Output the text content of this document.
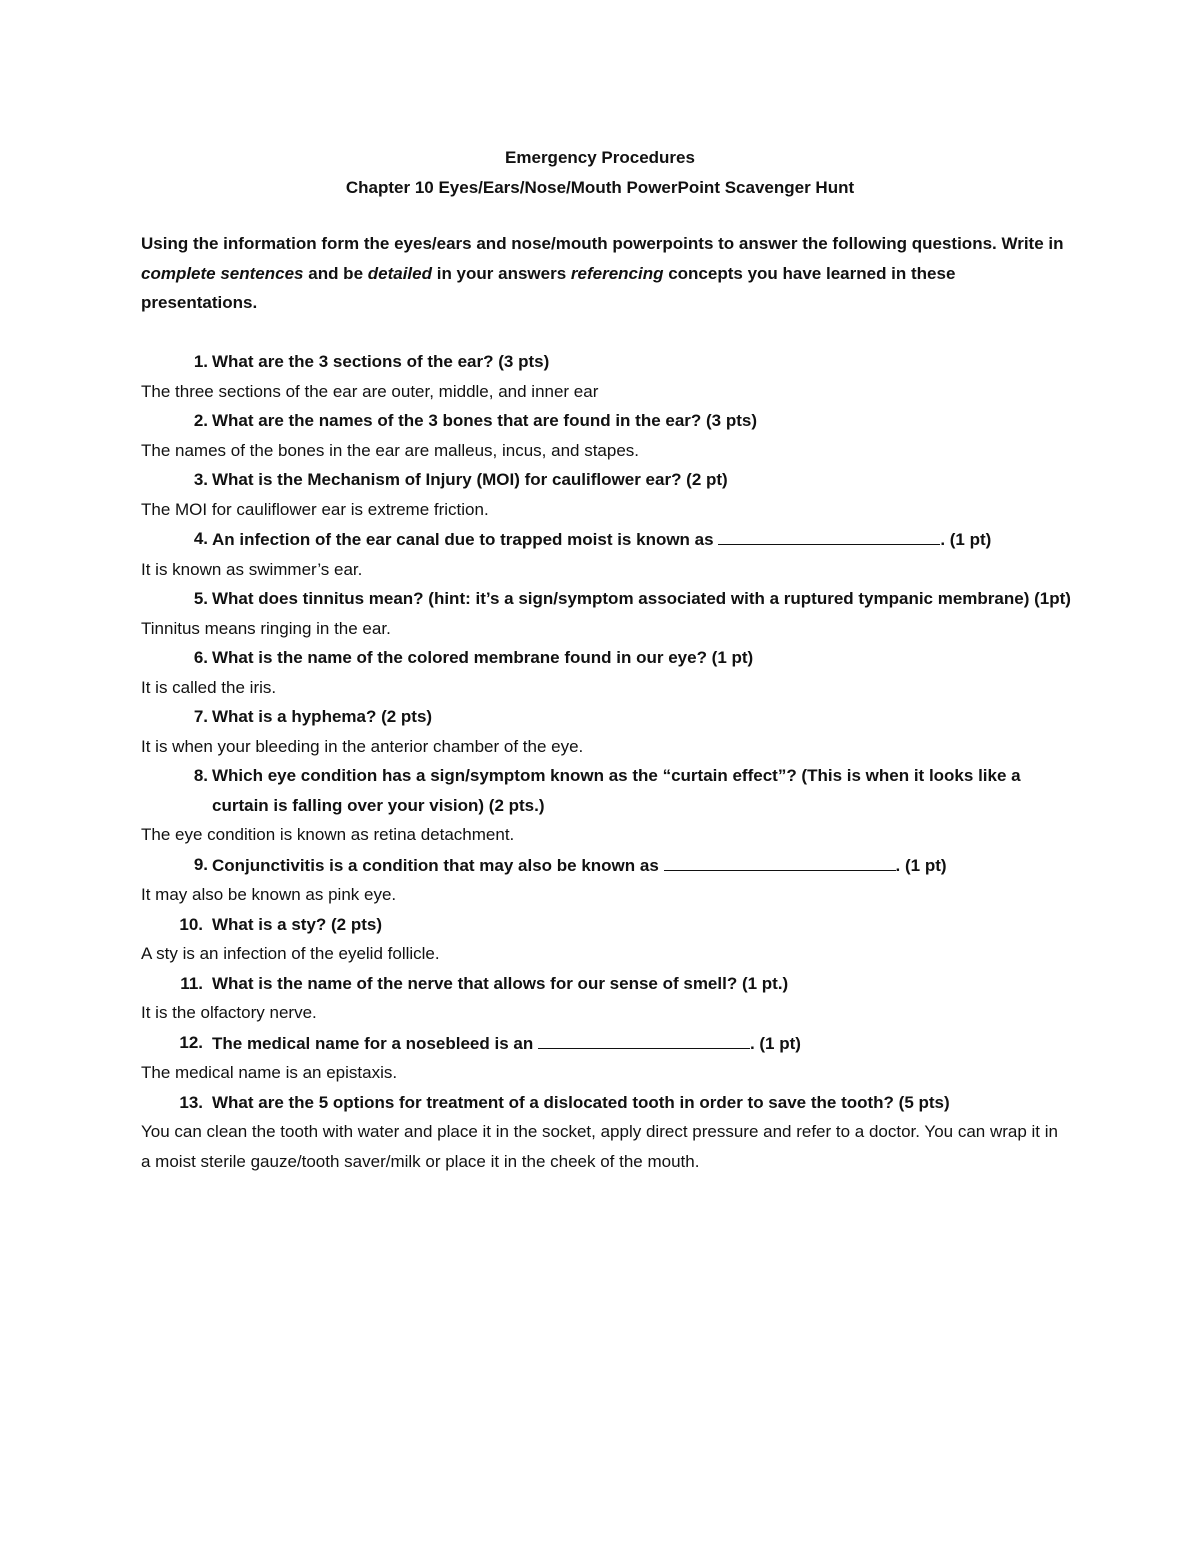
Emergency Procedures
Chapter 10 Eyes/Ears/Nose/Mouth PowerPoint Scavenger Hunt
Using the information form the eyes/ears and nose/mouth powerpoints to answer the following questions. Write in complete sentences and be detailed in your answers referencing concepts you have learned in these presentations.
1. What are the 3 sections of the ear? (3 pts)
The three sections of the ear are outer, middle, and inner ear
2. What are the names of the 3 bones that are found in the ear? (3 pts)
The names of the bones in the ear are malleus, incus, and stapes.
3. What is the Mechanism of Injury (MOI) for cauliflower ear? (2 pt)
The MOI for cauliflower ear is extreme friction.
4. An infection of the ear canal due to trapped moist is known as	. (1 pt)
It is known as swimmer’s ear.
5. What does tinnitus mean? (hint: it’s a sign/symptom associated with a ruptured tympanic membrane) (1pt)
Tinnitus means ringing in the ear.
6. What is the name of the colored membrane found in our eye? (1 pt)
It is called the iris.
7. What is a hyphema? (2 pts)
It is when your bleeding in the anterior chamber of the eye.
8. Which eye condition has a sign/symptom known as the “curtain effect”? (This is when it looks like a curtain is falling over your vision) (2 pts.)
The eye condition is known as retina detachment.
9. Conjunctivitis is a condition that may also be known as	. (1 pt)
It may also be known as pink eye.
10. What is a sty? (2 pts)
A sty is an infection of the eyelid follicle.
11. What is the name of the nerve that allows for our sense of smell? (1 pt.)
It is the olfactory nerve.
12. The medical name for a nosebleed is an	. (1 pt)
The medical name is an epistaxis.
13. What are the 5 options for treatment of a dislocated tooth in order to save the tooth? (5 pts)
You can clean the tooth with water and place it in the socket, apply direct pressure and refer to a doctor. You can wrap it in a moist sterile gauze/tooth saver/milk or place it in the cheek of the mouth.
